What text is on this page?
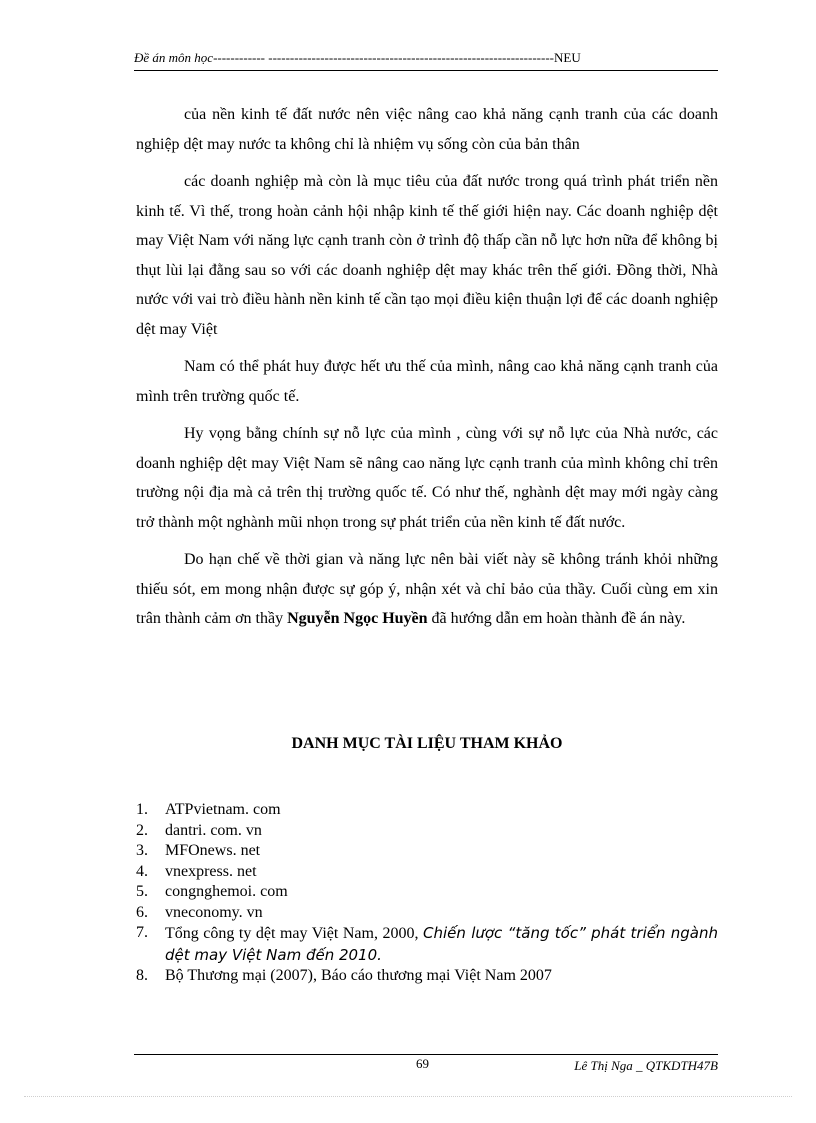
Đề án môn học------------ ------------------------------------------------------------------NEU

của nền kinh tế đất nước nên việc nâng cao khả năng cạnh tranh của các doanh nghiệp dệt may nước ta không chỉ là nhiệm vụ sống còn của bản thân

các doanh nghiệp mà còn là mục tiêu của đất nước trong quá trình phát triển nền kinh tế. Vì thế, trong hoàn cảnh hội nhập kinh tế thế giới hiện nay. Các doanh nghiệp dệt may Việt Nam với năng lực cạnh tranh còn ở trình độ thấp cần nỗ lực hơn nữa để không bị thụt lùi lại đằng sau so với các doanh nghiệp dệt may khác trên thế giới. Đồng thời, Nhà nước với vai trò điều hành nền kinh tế cần tạo mọi điều kiện thuận lợi để các doanh nghiệp dệt may Việt

Nam có thể phát huy được hết ưu thế của mình, nâng cao khả năng cạnh tranh của mình trên trường quốc tế.

Hy vọng bằng chính sự nỗ lực của mình , cùng với sự nỗ lực của Nhà nước, các doanh nghiệp dệt may Việt Nam sẽ nâng cao năng lực cạnh tranh của mình không chỉ trên trường nội địa mà cả trên thị trường quốc tế. Có như thế, nghành dệt may mới ngày càng trở thành một nghành mũi nhọn trong sự phát triển của nền kinh tế đất nước.

Do hạn chế về thời gian và năng lực nên bài viết này sẽ không tránh khỏi những thiếu sót, em mong nhận được sự góp ý, nhận xét và chỉ bảo của thầy. Cuối cùng em xin trân thành cảm ơn thầy Nguyễn Ngọc Huyền đã hướng dẫn em hoàn thành đề án này.

DANH MỤC TÀI LIỆU THAM KHẢO
1.	ATPvietnam. com
2.	dantri. com. vn
3.	MFOnews. net
4.	vnexpress. net
5.	congnghemoi. com
6.	vneconomy. vn
7.	Tổng công ty dệt may Việt Nam, 2000, Chiến lược “tăng tốc” phát triển ngành dệt may Việt Nam đến 2010.
8.	Bộ Thương mại (2007), Báo cáo thương mại Việt Nam 2007
69	Lê Thị Nga _ QTKDTH47B
